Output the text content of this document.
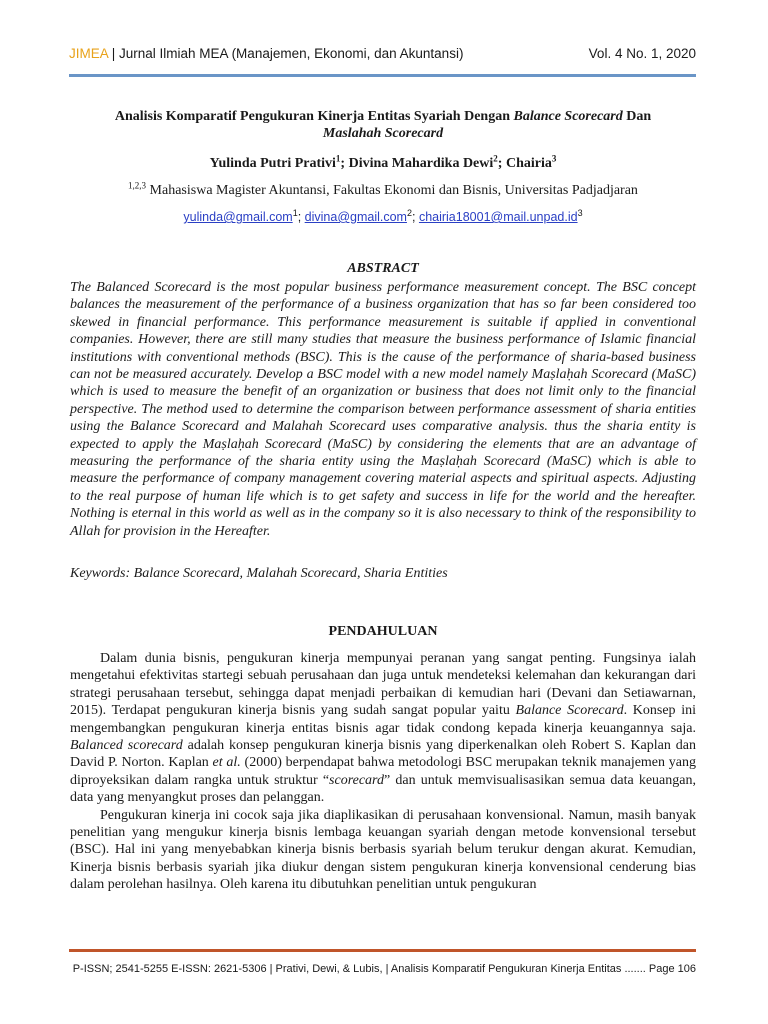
JIMEA | Jurnal Ilmiah MEA (Manajemen, Ekonomi, dan Akuntansi)	Vol. 4 No. 1, 2020
Analisis Komparatif Pengukuran Kinerja Entitas Syariah Dengan Balance Scorecard Dan
Maslahah Scorecard
Yulinda Putri Prativi$^1$; Divina Mahardika Dewi$^2$; Chairia$^3$
$^{1,2,3}$ Mahasiswa Magister Akuntansi, Fakultas Ekonomi dan Bisnis, Universitas Padjadjaran
yulinda@gmail.com$^1$; divina@gmail.com$^2$; $chairia18001@mail.unpad.id^3$
ABSTRACT
The Balanced Scorecard is the most popular business performance measurement concept. The BSC concept balances the measurement of the performance of a business organization that has so far been considered too skewed in financial performance. This performance measurement is suitable if applied in conventional companies. However, there are still many studies that measure the business performance of Islamic financial institutions with conventional methods (BSC). This is the cause of the performance of sharia-based business can not be measured accurately. Develop a BSC model with a new model namely Maṣlaḥah Scorecard (MaSC) which is used to measure the benefit of an organization or business that does not limit only to the financial perspective. The method used to determine the comparison between performance assessment of sharia entities using the Balance Scorecard and Malahah Scorecard uses comparative analysis. thus the sharia entity is expected to apply the Maṣlaḥah Scorecard (MaSC) by considering the elements that are an advantage of measuring the performance of the sharia entity using the Maṣlaḥah Scorecard (MaSC) which is able to measure the performance of company management covering material aspects and spiritual aspects. Adjusting to the real purpose of human life which is to get safety and success in life for the world and the hereafter. Nothing is eternal in this world as well as in the company so it is also necessary to think of the responsibility to Allah for provision in the Hereafter.
Keywords: Balance Scorecard, Malahah Scorecard, Sharia Entities
PENDAHULUAN

Dalam dunia bisnis, pengukuran kinerja mempunyai peranan yang sangat penting. Fungsinya ialah mengetahui efektivitas startegi sebuah perusahaan dan juga untuk mendeteksi kelemahan dan kekurangan dari strategi perusahaan tersebut, sehingga dapat menjadi perbaikan di kemudian hari (Devani dan Setiawarnan, 2015). Terdapat pengukuran kinerja bisnis yang sudah sangat popular yaitu Balance Scorecard. Konsep ini mengembangkan pengukuran kinerja entitas bisnis agar tidak condong kepada kinerja keuangannya saja. Balanced scorecard adalah konsep pengukuran kinerja bisnis yang diperkenalkan oleh Robert S. Kaplan dan David P. Norton. Kaplan et al. (2000) berpendapat bahwa metodologi BSC merupakan teknik manajemen yang diproyeksikan dalam rangka untuk struktur “scorecard” dan untuk memvisualisasikan semua data keuangan, data yang menyangkut proses dan pelanggan.

Pengukuran kinerja ini cocok saja jika diaplikasikan di perusahaan konvensional. Namun, masih banyak penelitian yang mengukur kinerja bisnis lembaga keuangan syariah dengan metode konvensional tersebut (BSC). Hal ini yang menyebabkan kinerja bisnis berbasis syariah belum terukur dengan akurat. Kemudian, Kinerja bisnis berbasis syariah jika diukur dengan sistem pengukuran kinerja konvensional cenderung bias dalam perolehan hasilnya. Oleh karena itu dibutuhkan penelitian untuk pengukuran

P-ISSN; 2541-5255 E-ISSN: 2621-5306 | Prativi, Dewi, & Lubis, | Analisis Komparatif Pengukuran Kinerja Entitas ....... Page 106
